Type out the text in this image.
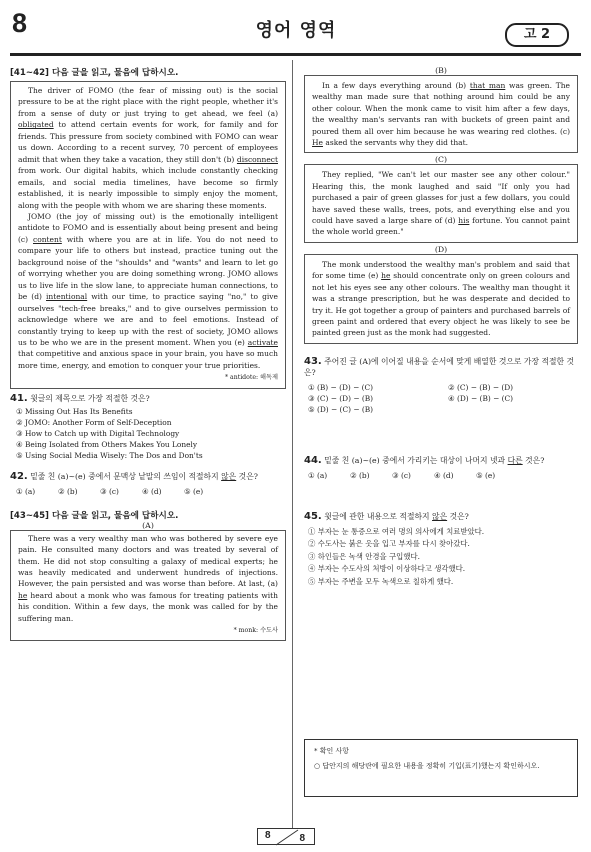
8	영어 영역	고 2
[41~42] 다음 글을 읽고, 물음에 답하시오.

The driver of FOMO (the fear of missing out) is the social pressure to be at the right place with the right people, whether it's from a sense of duty or just trying to get ahead, we feel (a) obligated to attend certain events for work, for family and for friends. This pressure from society combined with FOMO can wear us down. According to a recent survey, 70 percent of employees admit that when they take a vacation, they still don't (b) disconnect from work. Our digital habits, which include constantly checking emails, and social media timelines, have become so firmly established, it is nearly impossible to simply enjoy the moment, along with the people with whom we are sharing these moments.

JOMO (the joy of missing out) is the emotionally intelligent antidote to FOMO and is essentially about being present and being (c) content with where you are at in life. You do not need to compare your life to others but instead, practice tuning out the background noise of the "shoulds" and "wants" and learn to let go of worrying whether you are doing something wrong. JOMO allows us to live life in the slow lane, to appreciate human connections, to be (d) intentional with our time, to practice saying "no," to give ourselves "tech-free breaks," and to give ourselves permission to acknowledge where we are and to feel emotions. Instead of constantly trying to keep up with the rest of society, JOMO allows us to be who we are in the present moment. When you (e) activate that competitive and anxious space in your brain, you have so much more time, energy, and emotion to conquer your true priorities.

* antidote: 해독제
41. 윗글의 제목으로 가장 적절한 것은?
① Missing Out Has Its Benefits
② JOMO: Another Form of Self-Deception
③ How to Catch up with Digital Technology
④ Being Isolated from Others Makes You Lonely
⑤ Using Social Media Wisely: The Dos and Don'ts
42. 밑줄 친 (a)~(e) 중에서 문맥상 낱말의 쓰임이 적절하지 않은 것은?
① (a)	② (b)	③ (c)	④ (d)	⑤ (e)
[43~45] 다음 글을 읽고, 물음에 답하시오.
(A)

There was a very wealthy man who was bothered by severe eye pain. He consulted many doctors and was treated by several of them. He did not stop consulting a galaxy of medical experts; he was heavily medicated and underwent hundreds of injections. However, the pain persisted and was worse than before. At last, (a) he heard about a monk who was famous for treating patients with his condition. Within a few days, the monk was called for by the suffering man.

* monk: 수도사
(B)

In a few days everything around (b) that man was green. The wealthy man made sure that nothing around him could be any other colour. When the monk came to visit him after a few days, the wealthy man's servants ran with buckets of green paint and poured them all over him because he was wearing red clothes. (c) He asked the servants why they did that.

(C)

They replied, "We can't let our master see any other colour." Hearing this, the monk laughed and said "If only you had purchased a pair of green glasses for just a few dollars, you could have saved these walls, trees, pots, and everything else and you could have saved a large share of (d) his fortune. You cannot paint the whole world green."

(D)

The monk understood the wealthy man's problem and said that for some time (e) he should concentrate only on green colours and not let his eyes see any other colours. The wealthy man thought it was a strange prescription, but he was desperate and decided to try it. He got together a group of painters and purchased barrels of green paint and ordered that every object he was likely to see be painted green just as the monk had suggested.

43. 주어진 글 (A)에 이어질 내용을 순서에 맞게 배열한 것으로 가장 적절한 것은?
① (B) − (D) − (C)	② (C) − (B) − (D)
③ (C) − (D) − (B)	④ (D) − (B) − (C)
⑤ (D) − (C) − (B)
44. 밑줄 친 (a)~(e) 중에서 가리키는 대상이 나머지 넷과 다른 것은?
① (a)	② (b)	③ (c)	④ (d)	⑤ (e)
45. 윗글에 관한 내용으로 적절하지 않은 것은?
① 부자는 눈 통증으로 여러 명의 의사에게 치료받았다.
② 수도사는 붉은 옷을 입고 부자를 다시 찾아갔다.
③ 하인들은 녹색 안경을 구입했다.
④ 부자는 수도사의 처방이 이상하다고 생각했다.
⑤ 부자는 주변을 모두 녹색으로 칠하게 했다.
* 확인 사항
○ 답안지의 해당란에 필요한 내용을 정확히 기입(표기)했는지 확인하시오.
8	8
